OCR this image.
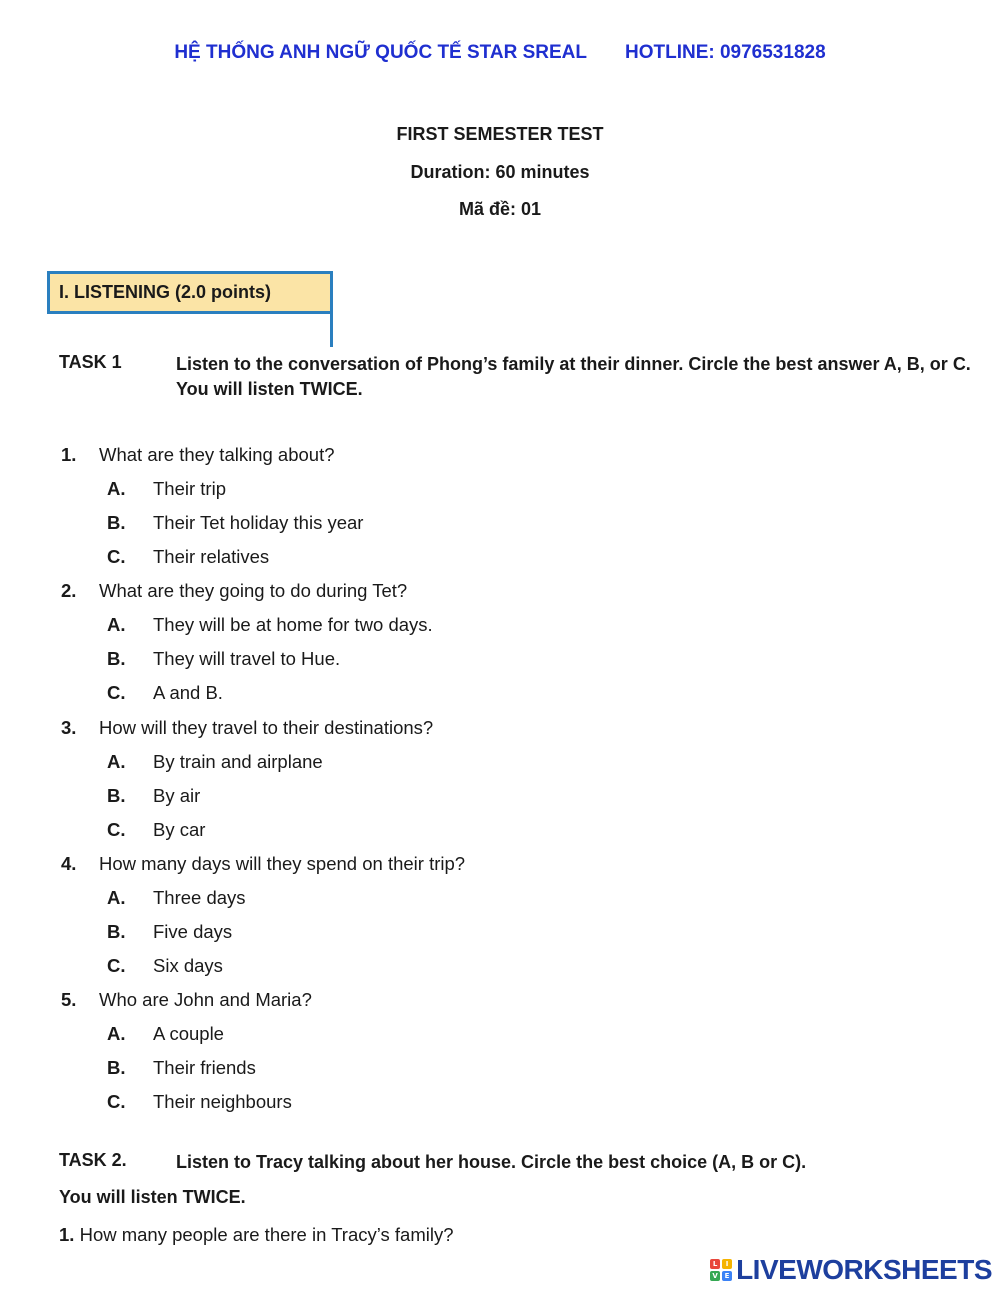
HỆ THỐNG ANH NGỮ QUỐC TẾ STAR SREAL HOTLINE: 0976531828
FIRST SEMESTER TEST
Duration: 60 minutes
Mã đề: 01
I. LISTENING (2.0 points)
TASK 1	Listen to the conversation of Phong’s family at their dinner. Circle the best answer A, B, or C. You will listen TWICE.
1. What are they talking about?
A. Their trip
B. Their Tet holiday this year
C. Their relatives
2. What are they going to do during Tet?
A. They will be at home for two days.
B. They will travel to Hue.
C. A and B.
3. How will they travel to their destinations?
A. By train and airplane
B. By air
C. By car
4. How many days will they spend on their trip?
A. Three days
B. Five days
C. Six days
5. Who are John and Maria?
A. A couple
B. Their friends
C. Their neighbours
TASK 2.	Listen to Tracy talking about her house. Circle the best choice (A, B or C).
You will listen TWICE.
1. How many people are there in Tracy’s family?
L	I
V E LIVEWORKSHEETS
